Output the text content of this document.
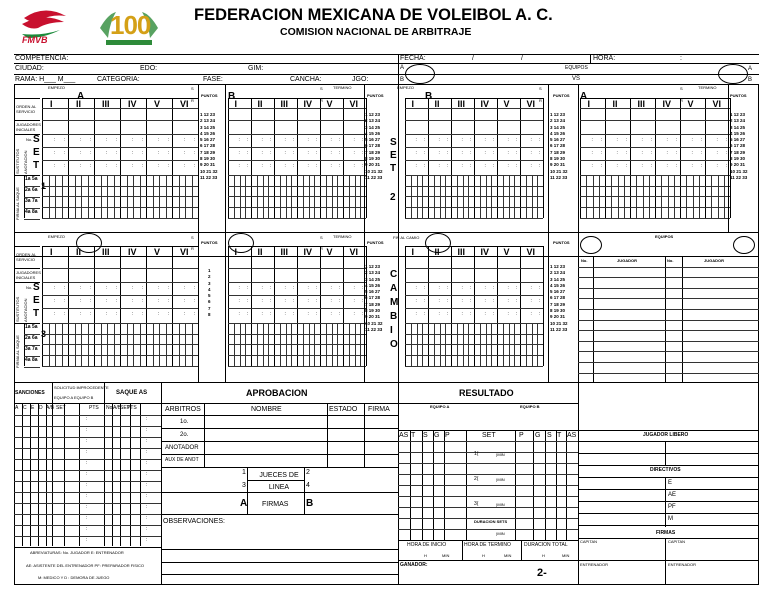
FMVB 100	FEDERACION MEXICANA DE VOLEIBOL A. C.
COMISION NACIONAL DE ARBITRAJE
COMPETENCIA:
CIUDAD:	EDO:	GIM:
RAMA: H___ M___	CATEGORIA:	FASE:	CANCHA:	JGO:
FECHA:	/	/	HORA:	:
A	EQUIPOS
VS
B
A
B
ORDEN AL SERVICIO
JUGADORES INICIALES
No.
SUSTITUTOS ANOTACION
FIRMA AL SAQUE
1a 5a
2a 6a
3a 7a
4a 8a
1
I	II III IV V VI
: :	: :	: :	: :	: :	: :
: :	: :	: :	: :	: :	: :
: :	: :	: :	: :	: :	: :
S
E
T
1 12 23
2 13 24
3 14 25
4 15 26
5 16 27
6 17 28
7 18 29
8 19 30
9 20 31
10 21 32
11 22 33
I II III IV V VI
: :	: :	: :	: :	: :	: :
: :	: :	: :	: :	: :	: :
: :	: :	: :	: :	: :	: :
1 12 23
2 13 24
3 14 25
4 15 26
5 16 27
6 17 28
7 18 29
8 19 30
9 20 31
10 21 32
11 22 33
2
S
E
T
I II III IV V VI
: :	: :	: :	: :	: :	: :
: :	: :	: :	: :	: :	: :
: :	: :	: :	: :	: :	: :
1 12 23
2 13 24
3 14 25
4 15 26
5 16 27
6 17 28
7 18 29
8 19 30
9 20 31
10 21 32
11 22 33
I II III IV V VI
: :	: :	: :	: :	: :	: :
: :	: :	: :	: :	: :	: :
: :	: :	: :	: :	: :	: :
1 12 23
2 13 24
3 14 25
4 15 26
5 16 27
6 17 28
7 18 29
8 19 30
9 20 31
10 21 32
11 22 33
ORDEN AL SERVICIO
JUGADORES INICIALES
No.
SUSTITUTOS ANOTACION
FIRMA AL SAQUE
1a 5a
2a 6a
3a 7a
4a 8a
3
I	II III IV V VI
: :	: :	: :	: :	: :	: :
: :	: :	: :	: :	: :	: :
: :	: :	: :	: :	: :	: :
S
E
T
1
2
3
4
5
6
7
8
I II III IV V VI
: :	: :	: :	: :	: :	: :
: :	: :	: :	: :	: :	: :
: :	: :	: :	: :	: :	: :
1 12 23
2 13 24
3 14 25
4 15 26
5 16 27
6 17 28
7 18 29
8 19 30
9 20 31
10 21 32
11 22 33
C
A
M
B
I
O
I II III IV V VI
: :	: :	: :	: :	: :	: :
: :	: :	: :	: :	: :	: :
: :	: :	: :	: :	: :	: :
1 12 23
2 13 24
3 14 25
4 15 26
5 16 27
6 17 28
7 18 29
8 19 30
9 20 31
10 21 32
11 22 33
No.	JUGADOR	No.	JUGADOR
EMPEZO
A
S
R
PUNTOS B
S
R
TERMINO
PUNTOS
EMPEZO
B
S
R
PUNTOS A
S
R
TERMINO
PUNTOS
EMPEZO	S
R
PUNTOS
S
R
TERMINO
PUNTOS
FIN AL CAMIO
PUNTOS
EQUIPOS
SANCIONES
SOLICITUD IMPROCEDENTE
EQUIPO A EQUIPO B
SAQUE AS
A C E D A/B SET	PTS No. A/B
SET
PTS
:	:
:	:
:	:
:	:
:	:
:	:
:	:
:	:
:	:
:	:
:	:
:	:
ABREVIATURAS: No. JUGADOR E: ENTRENADOR
AE: ASISTENTE DEL ENTRENADOR PF: PREPARADOR FISICO
M: MEDICO Y D : DEMORA DE JUEGO
APROBACION
ARBITROS	NOMBRE	ESTADO FIRMA
1o.
2o.
ANOTADOR
AUX DE ANOT
1	2
3	4
JUECES DE LINEA
A FIRMAS B
OBSERVACIONES:
RESULTADO
EQUIPO A	EQUIPO B
AS T S G P	P G S T AS
SET
1(	)MIN
2(	)MIN
3(	)MIN
DURACION SETS
)MIN
HORA DE INICIO	HORA DE TERMINO	DURACION TOTAL
H	MIN	H	MIN	H	MIN
GANADOR:
2-
JUGADOR LIBERO
DIRECTIVOS
E
AE
PF
M
FIRMAS
CAPITAN	CAPITAN
ENTRENADOR	ENTRENADOR
